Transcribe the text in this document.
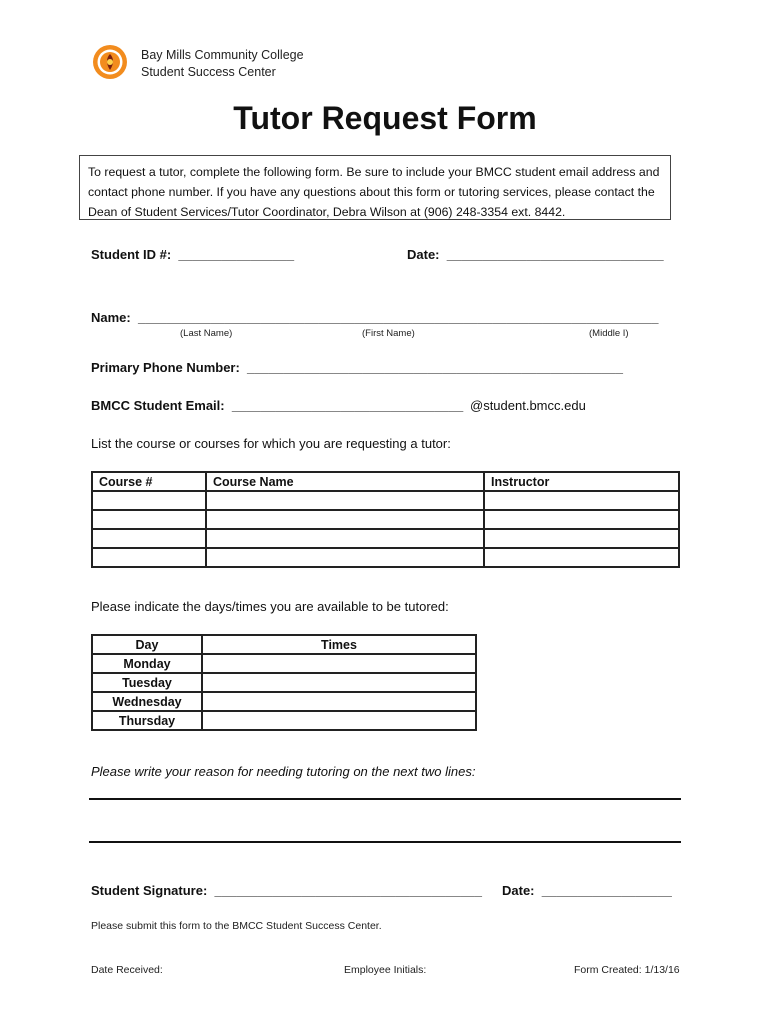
Bay Mills Community College
Student Success Center
Tutor Request Form
To request a tutor, complete the following form. Be sure to include your BMCC student email address and contact phone number. If you have any questions about this form or tutoring services, please contact the Dean of Student Services/Tutor Coordinator, Debra Wilson at (906) 248-3354 ext. 8442.
Student ID #:  ________________	Date:  ______________________________
Name:  ________________________________________________________________________
(Last Name)	(First Name)	(Middle I)
Primary Phone Number:  ____________________________________________________
BMCC Student Email:  ________________________________ @student.bmcc.edu
List the course or courses for which you are requesting a tutor:
Course #	Course Name	Instructor

Please indicate the days/times you are available to be tutored:
Day	Times
Monday	
Tuesday	
Wednesday	
Thursday	
Please write your reason for needing tutoring on the next two lines:
Student Signature:  _____________________________________ Date:  __________________
Please submit this form to the BMCC Student Success Center.
Date Received:	Employee Initials:	Form Created: 1/13/16
